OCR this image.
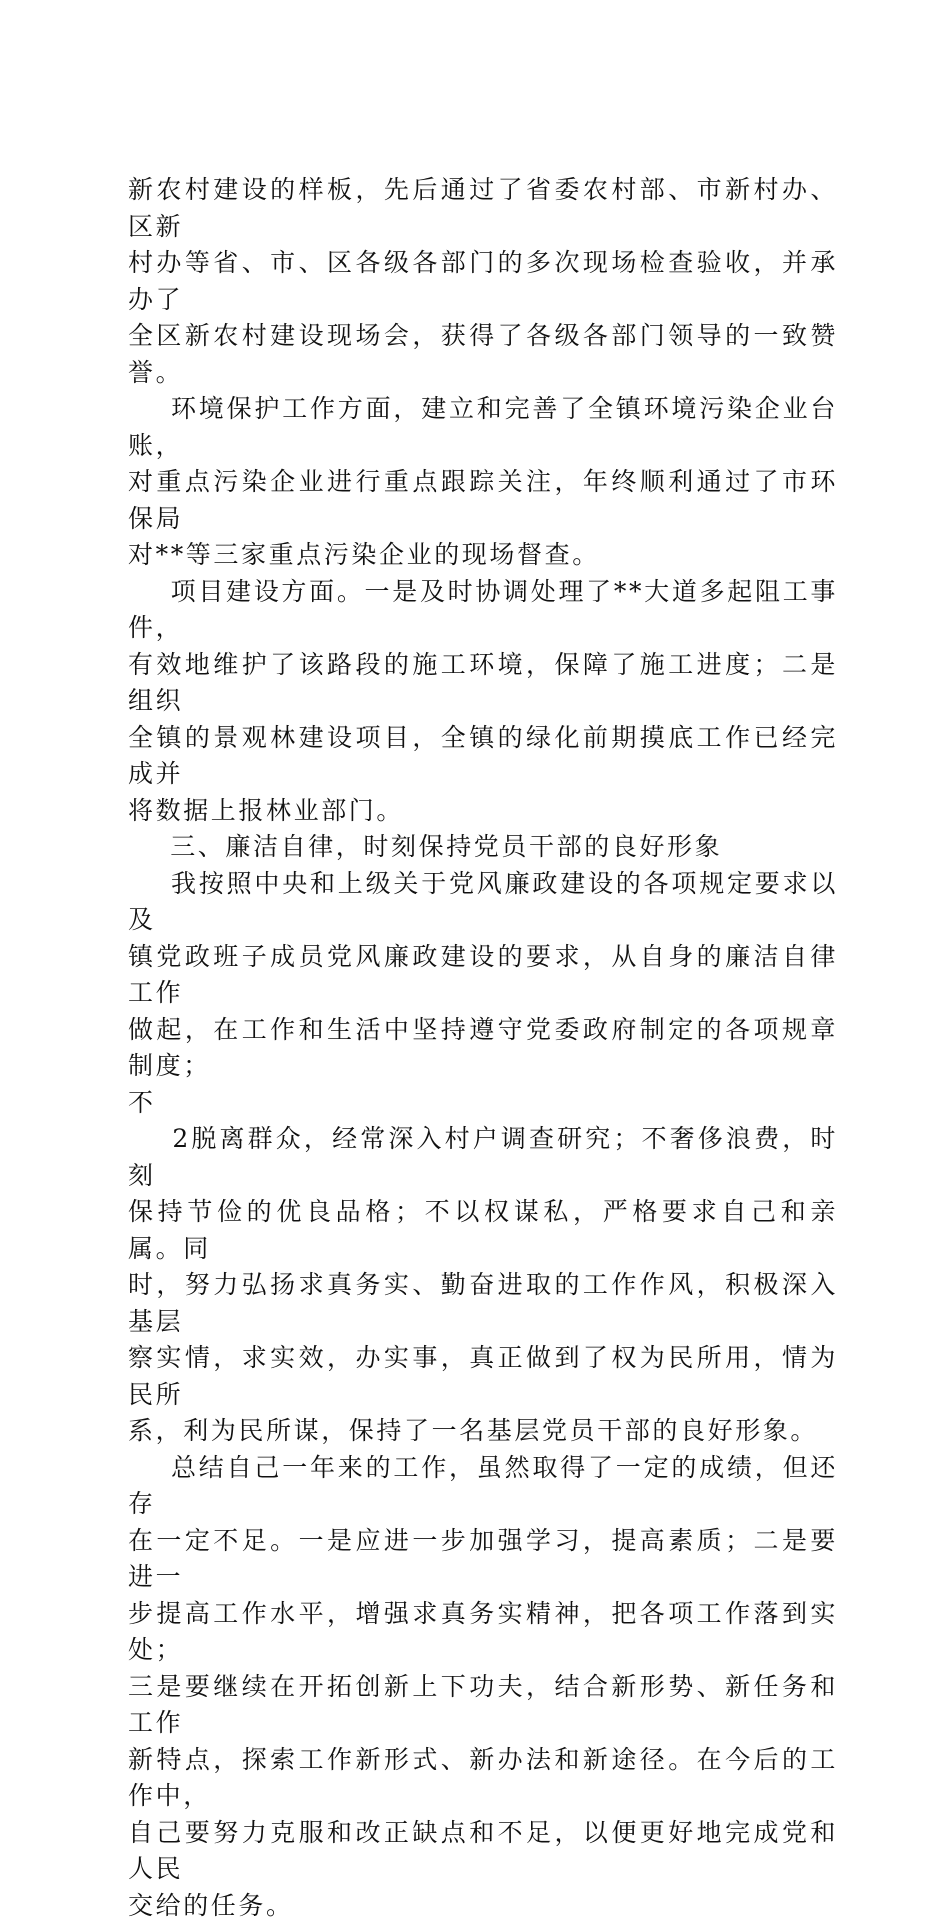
新农村建设的样板，先后通过了省委农村部、市新村办、区新
村办等省、市、区各级各部门的多次现场检查验收，并承办了
全区新农村建设现场会，获得了各级各部门领导的一致赞誉。

环境保护工作方面，建立和完善了全镇环境污染企业台账，
对重点污染企业进行重点跟踪关注，年终顺利通过了市环保局
对**等三家重点污染企业的现场督查。

项目建设方面。一是及时协调处理了**大道多起阻工事件，
有效地维护了该路段的施工环境，保障了施工进度；二是组织
全镇的景观林建设项目，全镇的绿化前期摸底工作已经完成并
将数据上报林业部门。

三、廉洁自律，时刻保持党员干部的良好形象

我按照中央和上级关于党风廉政建设的各项规定要求以及
镇党政班子成员党风廉政建设的要求，从自身的廉洁自律工作
做起，在工作和生活中坚持遵守党委政府制定的各项规章制度；
不

2脱离群众，经常深入村户调查研究；不奢侈浪费，时刻
保持节俭的优良品格；不以权谋私，严格要求自己和亲属。同
时，努力弘扬求真务实、勤奋进取的工作作风，积极深入基层
察实情，求实效，办实事，真正做到了权为民所用，情为民所
系，利为民所谋，保持了一名基层党员干部的良好形象。

总结自己一年来的工作，虽然取得了一定的成绩，但还存
在一定不足。一是应进一步加强学习，提高素质；二是要进一
步提高工作水平，增强求真务实精神，把各项工作落到实处；
三是要继续在开拓创新上下功夫，结合新形势、新任务和工作
新特点，探索工作新形式、新办法和新途径。在今后的工作中，
自己要努力克服和改正缺点和不足，以便更好地完成党和人民
交给的任务。
